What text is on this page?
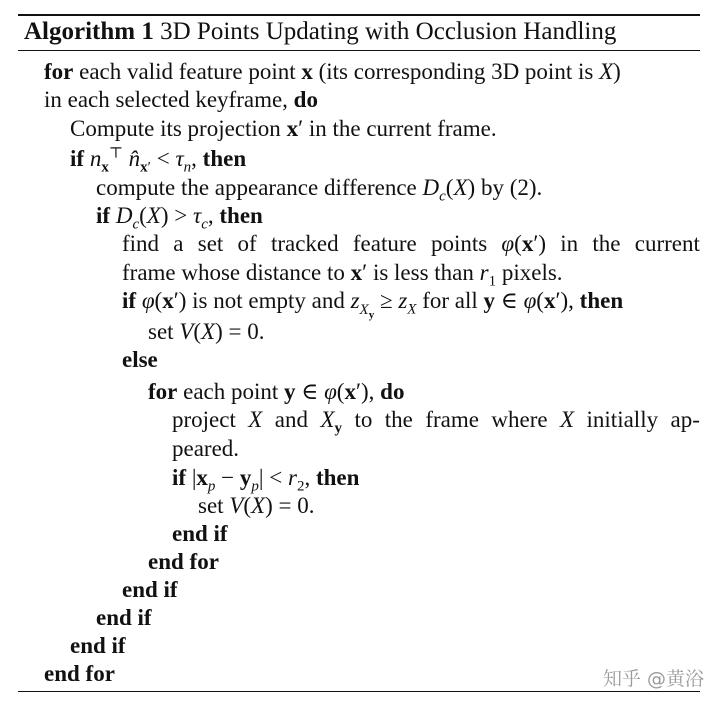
Algorithm 1 3D Points Updating with Occlusion Handling
for each valid feature point x (its corresponding 3D point is X)
in each selected keyframe, do
Compute its projection x′ in the current frame.
if $n_x^⊤$ $n̂_{x'} < \tau_n$, then
compute the appearance difference $D_c(X)$ by (2).
if $D_c(X) > \tau_c$, then
find a set of tracked feature points φ(x′) in the current
frame whose distance to x′ is less than $r_1$ pixels.
if φ(x′) is not empty and $z_{X_y} \ge z_X$ for all y ∈ φ(x′), then
set V(X) = 0.
else
for each point y ∈ φ(x′), do
project X and $X_y$ to the frame where X initially ap-
peared.
if $|x_p - y_p| < r_2$, then
set V(X) = 0.
end if
end for
end if
end if
end if
end for	知乎 @黄浴
